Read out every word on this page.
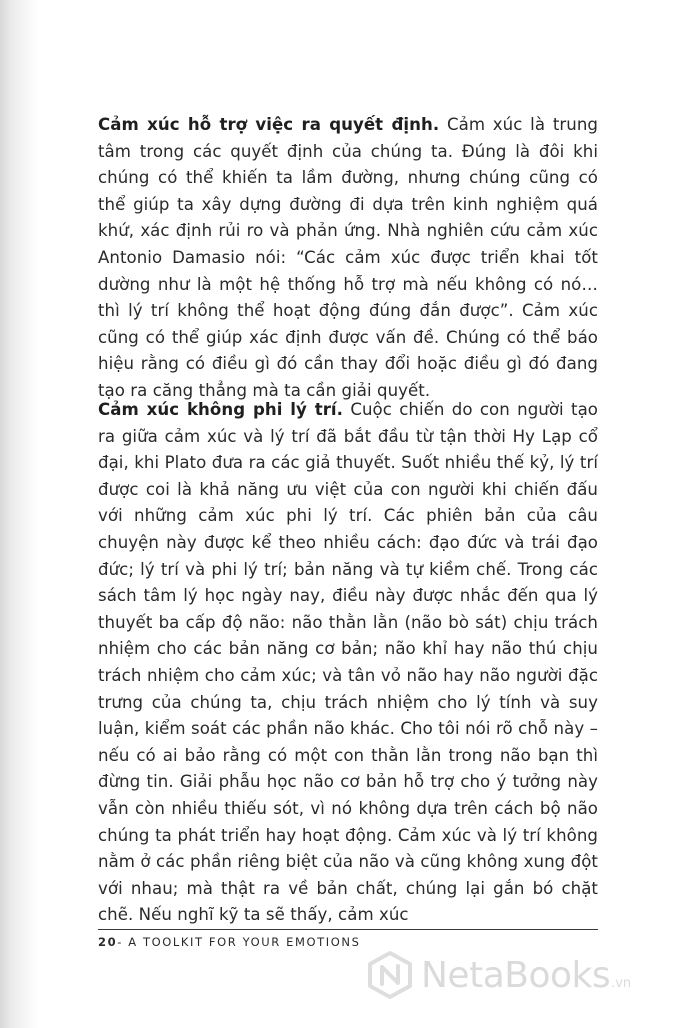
Cảm xúc hỗ trợ việc ra quyết định. Cảm xúc là trung tâm trong các quyết định của chúng ta. Đúng là đôi khi chúng có thể khiến ta lầm đường, nhưng chúng cũng có thể giúp ta xây dựng đường đi dựa trên kinh nghiệm quá khứ, xác định rủi ro và phản ứng. Nhà nghiên cứu cảm xúc Antonio Damasio nói: “Các cảm xúc được triển khai tốt dường như là một hệ thống hỗ trợ mà nếu không có nó… thì lý trí không thể hoạt động đúng đắn được”. Cảm xúc cũng có thể giúp xác định được vấn đề. Chúng có thể báo hiệu rằng có điều gì đó cần thay đổi hoặc điều gì đó đang tạo ra căng thẳng mà ta cần giải quyết.

Cảm xúc không phi lý trí. Cuộc chiến do con người tạo ra giữa cảm xúc và lý trí đã bắt đầu từ tận thời Hy Lạp cổ đại, khi Plato đưa ra các giả thuyết. Suốt nhiều thế kỷ, lý trí được coi là khả năng ưu việt của con người khi chiến đấu với những cảm xúc phi lý trí. Các phiên bản của câu chuyện này được kể theo nhiều cách: đạo đức và trái đạo đức; lý trí và phi lý trí; bản năng và tự kiềm chế. Trong các sách tâm lý học ngày nay, điều này được nhắc đến qua lý thuyết ba cấp độ não: não thằn lằn (não bò sát) chịu trách nhiệm cho các bản năng cơ bản; não khỉ hay não thú chịu trách nhiệm cho cảm xúc; và tân vỏ não hay não người đặc trưng của chúng ta, chịu trách nhiệm cho lý tính và suy luận, kiểm soát các phần não khác. Cho tôi nói rõ chỗ này – nếu có ai bảo rằng có một con thằn lằn trong não bạn thì đừng tin. Giải phẫu học não cơ bản hỗ trợ cho ý tưởng này vẫn còn nhiều thiếu sót, vì nó không dựa trên cách bộ não chúng ta phát triển hay hoạt động. Cảm xúc và lý trí không nằm ở các phần riêng biệt của não và cũng không xung đột với nhau; mà thật ra về bản chất, chúng lại gắn bó chặt chẽ. Nếu nghĩ kỹ ta sẽ thấy, cảm xúc

20- A TOOLKIT FOR YOUR EMOTIONS
NetaBooks .vn
